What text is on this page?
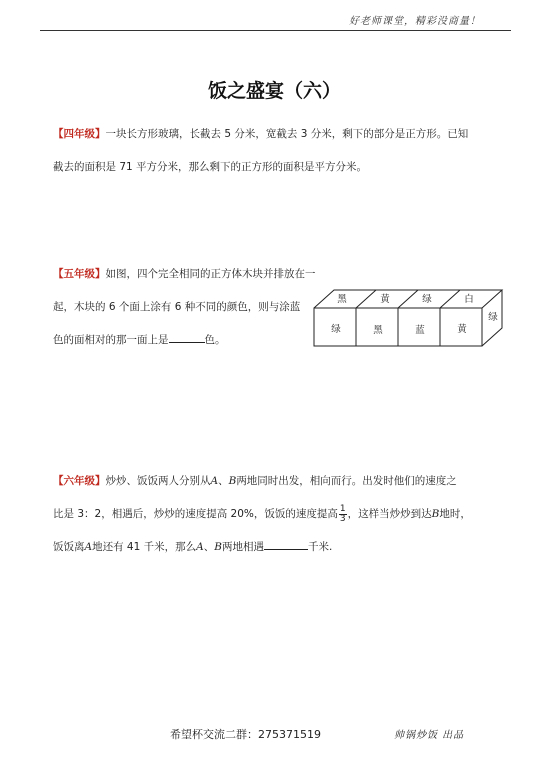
好老师课堂，精彩没商量！
饭之盛宴（六）
【四年级】一块长方形玻璃，长截去 5 分米，宽截去 3 分米，剩下的部分是正方形。已知
截去的面积是 71 平方分米，那么剩下的正方形的面积是平方分米。
【五年级】如图，四个完全相同的正方体木块并排放在一
起，木块的 6 个面上涂有 6 种不同的颜色，则与涂蓝
色的面相对的那一面上是	色。
黑	黄	绿	白
绿	黑	蓝	黄
绿
【六年级】炒炒、饭饭两人分别从A、B两地同时出发，相向而行。出发时他们的速度之
比是 3：2，相遇后，炒炒的速度提高 20%，饭饭的速度提高 $\frac{1}{3}$ ，这样当炒炒到达B地时，
饭饭离A地还有 41 千米，那么A、B两地相遇	千米.
希望杯交流二群：275371519	帅锅炒饭 出品
